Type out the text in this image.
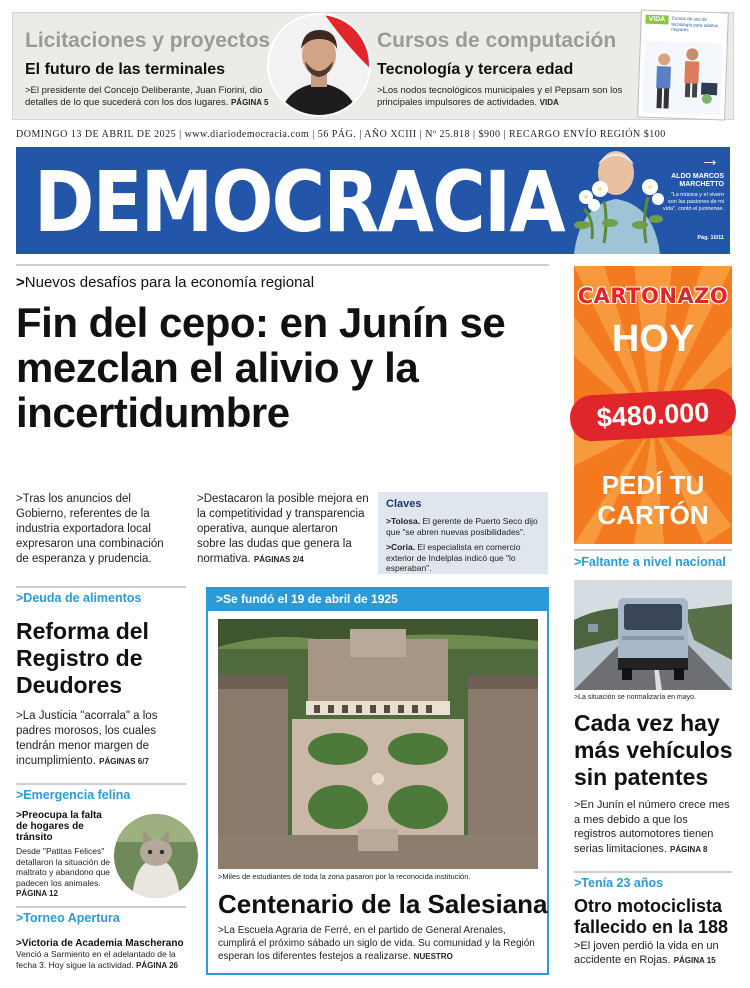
Licitaciones y proyectos
El futuro de las terminales
>El presidente del Concejo Deliberante, Juan Fiorini, dio detalles de lo que sucederá con los dos lugares. PÁGINA 5
Cursos de computación
Tecnología y tercera edad
>Los nodos tecnológicos municipales y el Pepsam son los principales impulsores de actividades. VIDA
VIDA	Cursos de uso de tecnología para adultos mayores
DOMINGO 13 DE ABRIL DE 2025 | www.diariodemocracia.com | 56 PÁG. | AÑO XCIII | Nº 25.818 | $900 | RECARGO ENVÍO REGIÓN $100
DEMOCRACIA	→
ALDO MARCOS MARCHETTO
"La música y el vivero son las pasiones de mi vida", contó el juninense.
Pág. 10/11
>Nuevos desafíos para la economía regional
Fin del cepo: en Junín se mezclan el alivio y la incertidumbre
>Tras los anuncios del Gobierno, referentes de la industria exportadora local expresaron una combinación de esperanza y prudencia.
>Destacaron la posible mejora en la competitividad y transparencia operativa, aunque alertaron sobre las dudas que genera la normativa. PÁGINAS 2/4
Claves
>Tolosa. El gerente de Puerto Seco dijo que "se abren nuevas posibilidades".
>Coria. El especialista en comercio exterior de Indelplas indicó que "lo esperaban".
CARTONAZO
HOY
$480.000
PEDÍ TU CARTÓN
>Deuda de alimentos
Reforma del Registro de Deudores
>La Justicia "acorrala" a los padres morosos, los cuales tendrán menor margen de incumplimiento. PÁGINAS 6/7
>Emergencia felina
>Preocupa la falta de hogares de tránsito
Desde "Patitas Felices" detallaron la situación de maltrato y abandono que padecen los animales. PÁGINA 12
>Torneo Apertura
>Victoria de Academia Mascherano
Venció a Sarmiento en el adelantado de la fecha 3. Hoy sigue la actividad. PÁGINA 26
>Se fundó el 19 de abril de 1925
>Miles de estudiantes de toda la zona pasaron por la reconocida institución.
Centenario de la Salesiana
>La Escuela Agraria de Ferré, en el partido de General Arenales, cumplirá el próximo sábado un siglo de vida. Su comunidad y la Región esperan los diferentes festejos a realizarse. NUESTRO
>Faltante a nivel nacional
>La situación se normalizaría en mayo.
Cada vez hay más vehículos sin patentes
>En Junín el número crece mes a mes debido a que los registros automotores tienen serias limitaciones. PÁGINA 8
>Tenía 23 años
Otro motociclista fallecido en la 188
>El joven perdió la vida en un accidente en Rojas. PÁGINA 15
